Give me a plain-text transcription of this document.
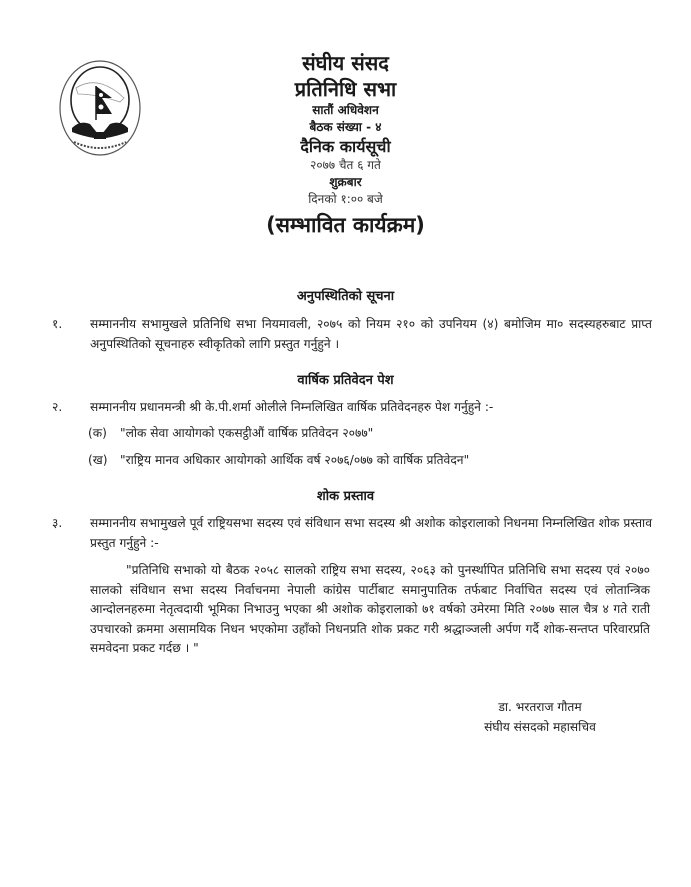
संघीय संसद
प्रतिनिधि सभा
सातौं अधिवेशन
बैठक संख्या - ४
दैनिक कार्यसूची
२०७७ चैत ६ गते
शुक्रबार
दिनको १:०० बजे
(सम्भावित कार्यक्रम)
अनुपस्थितिको सूचना
१. सम्माननीय सभामुखले प्रतिनिधि सभा नियमावली, २०७५ को नियम २१० को उपनियम (४) बमोजिम मा० सदस्यहरुबाट प्राप्त अनुपस्थितिको सूचनाहरु स्वीकृतिको लागि प्रस्तुत गर्नुहुने ।
वार्षिक प्रतिवेदन पेश
२. सम्माननीय प्रधानमन्त्री श्री के.पी.शर्मा ओलीले निम्नलिखित वार्षिक प्रतिवेदनहरु पेश गर्नुहुने :-
(क) "लोक सेवा आयोगको एकसट्ठीऔं वार्षिक प्रतिवेदन २०७७"
(ख) "राष्ट्रिय मानव अधिकार आयोगको आर्थिक वर्ष २०७६/०७७ को वार्षिक प्रतिवेदन"
शोक प्रस्ताव
३. सम्माननीय सभामुखले पूर्व राष्ट्रियसभा सदस्य एवं संविधान सभा सदस्य श्री अशोक कोइरालाको निधनमा निम्नलिखित शोक प्रस्ताव प्रस्तुत गर्नुहुने :-
"प्रतिनिधि सभाको यो बैठक २०५८ सालको राष्ट्रिय सभा सदस्य, २०६३ को पुनर्स्थापित प्रतिनिधि सभा सदस्य एवं २०७० सालको संविधान सभा सदस्य निर्वाचनमा नेपाली कांग्रेस पार्टीबाट समानुपातिक तर्फबाट निर्वाचित सदस्य एवं लोतान्त्रिक आन्दोलनहरुमा नेतृत्वदायी भूमिका निभाउनु भएका श्री अशोक कोइरालाको ७१ वर्षको उमेरमा मिति २०७७ साल चैत्र ४ गते राती उपचारको क्रममा असामयिक निधन भएकोमा उहाँको निधनप्रति शोक प्रकट गरी श्रद्धाञ्जली अर्पण गर्दै शोक-सन्तप्त परिवारप्रति समवेदना प्रकट गर्दछ । "
डा. भरतराज गौतम
संघीय संसदको महासचिव
